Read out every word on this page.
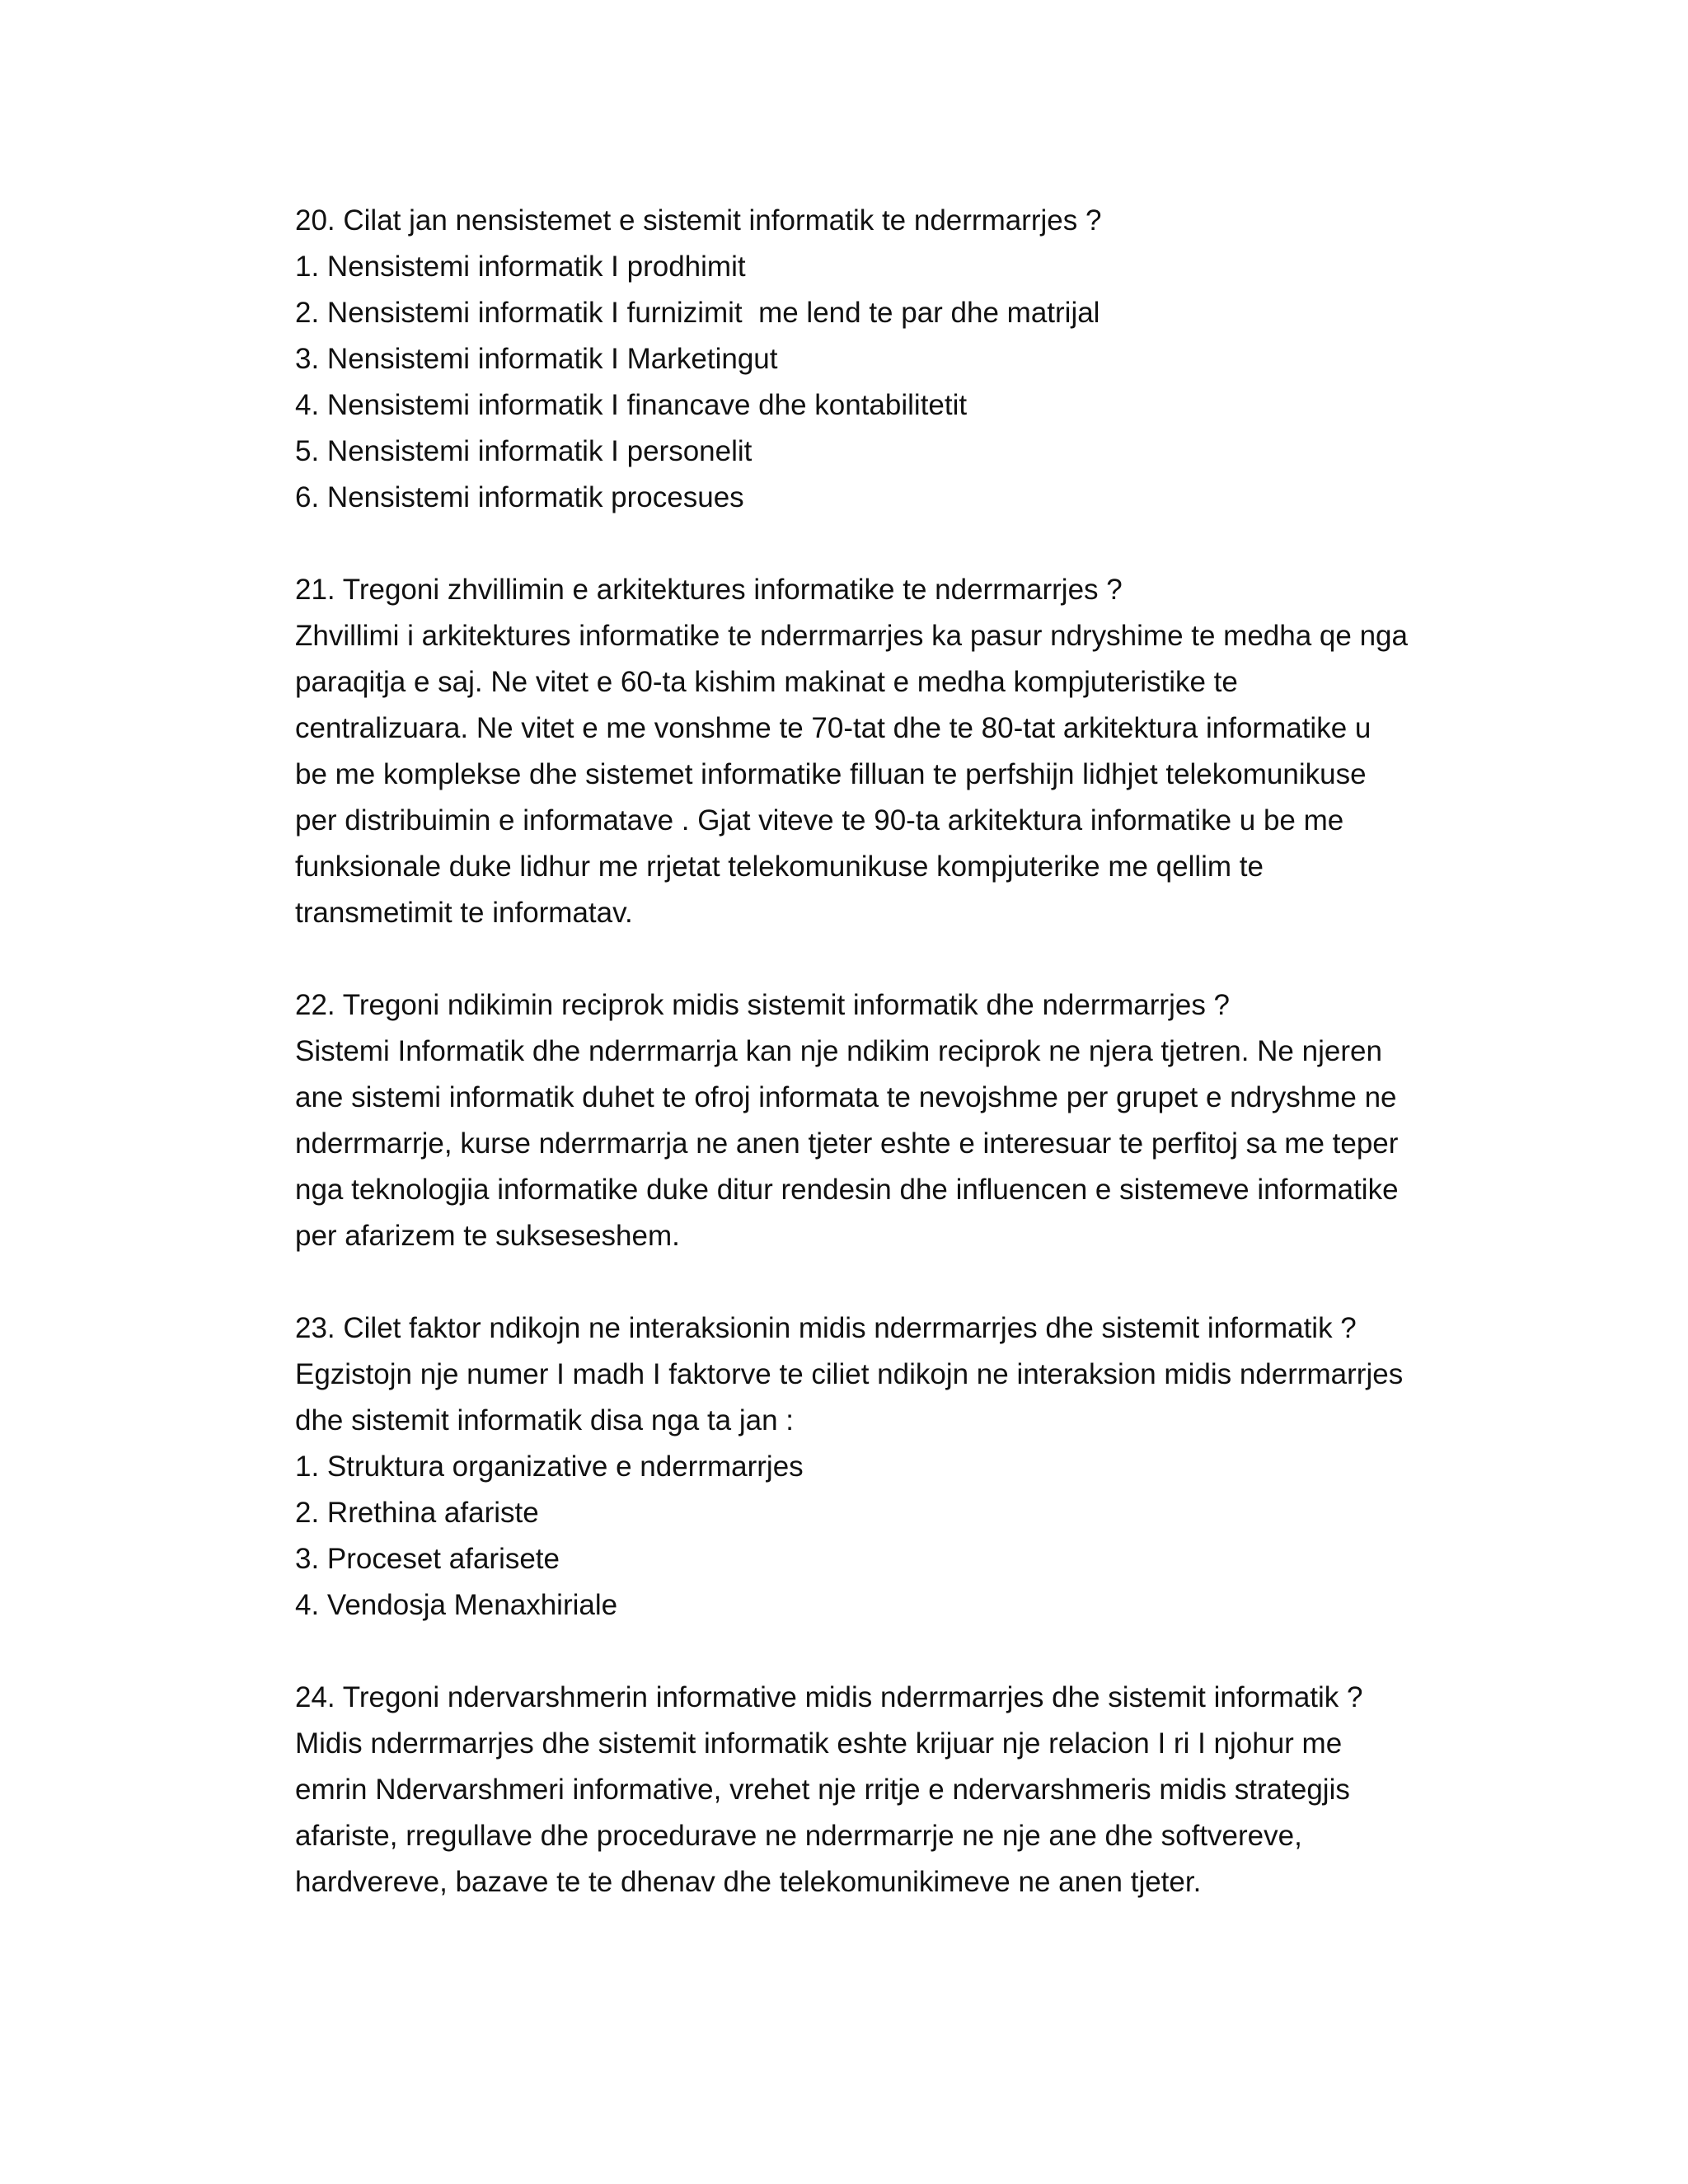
20. Cilat jan nensistemet e sistemit informatik te nderrmarrjes ?

1. Nensistemi informatik I prodhimit

2. Nensistemi informatik I furnizimit  me lend te par dhe matrijal

3. Nensistemi informatik I Marketingut

4. Nensistemi informatik I financave dhe kontabilitetit

5. Nensistemi informatik I personelit

6. Nensistemi informatik procesues

21. Tregoni zhvillimin e arkitektures informatike te nderrmarrjes ?

Zhvillimi i arkitektures informatike te nderrmarrjes ka pasur ndryshime te medha qe nga

paraqitja e saj. Ne vitet e 60-ta kishim makinat e medha kompjuteristike te

centralizuara. Ne vitet e me vonshme te 70-tat dhe te 80-tat arkitektura informatike u

be me komplekse dhe sistemet informatike filluan te perfshijn lidhjet telekomunikuse

per distribuimin e informatave . Gjat viteve te 90-ta arkitektura informatike u be me

funksionale duke lidhur me rrjetat telekomunikuse kompjuterike me qellim te

transmetimit te informatav.

22. Tregoni ndikimin reciprok midis sistemit informatik dhe nderrmarrjes ?

Sistemi Informatik dhe nderrmarrja kan nje ndikim reciprok ne njera tjetren. Ne njeren

ane sistemi informatik duhet te ofroj informata te nevojshme per grupet e ndryshme ne

nderrmarrje, kurse nderrmarrja ne anen tjeter eshte e interesuar te perfitoj sa me teper

nga teknologjia informatike duke ditur rendesin dhe influencen e sistemeve informatike

per afarizem te sukseseshem.

23. Cilet faktor ndikojn ne interaksionin midis nderrmarrjes dhe sistemit informatik ?

Egzistojn nje numer I madh I faktorve te ciliet ndikojn ne interaksion midis nderrmarrjes

dhe sistemit informatik disa nga ta jan :

1. Struktura organizative e nderrmarrjes

2. Rrethina afariste

3. Proceset afarisete

4. Vendosja Menaxhiriale

24. Tregoni ndervarshmerin informative midis nderrmarrjes dhe sistemit informatik ?

Midis nderrmarrjes dhe sistemit informatik eshte krijuar nje relacion I ri I njohur me

emrin Ndervarshmeri informative, vrehet nje rritje e ndervarshmeris midis strategjis

afariste, rregullave dhe procedurave ne nderrmarrje ne nje ane dhe softvereve,

hardvereve, bazave te te dhenav dhe telekomunikimeve ne anen tjeter.
